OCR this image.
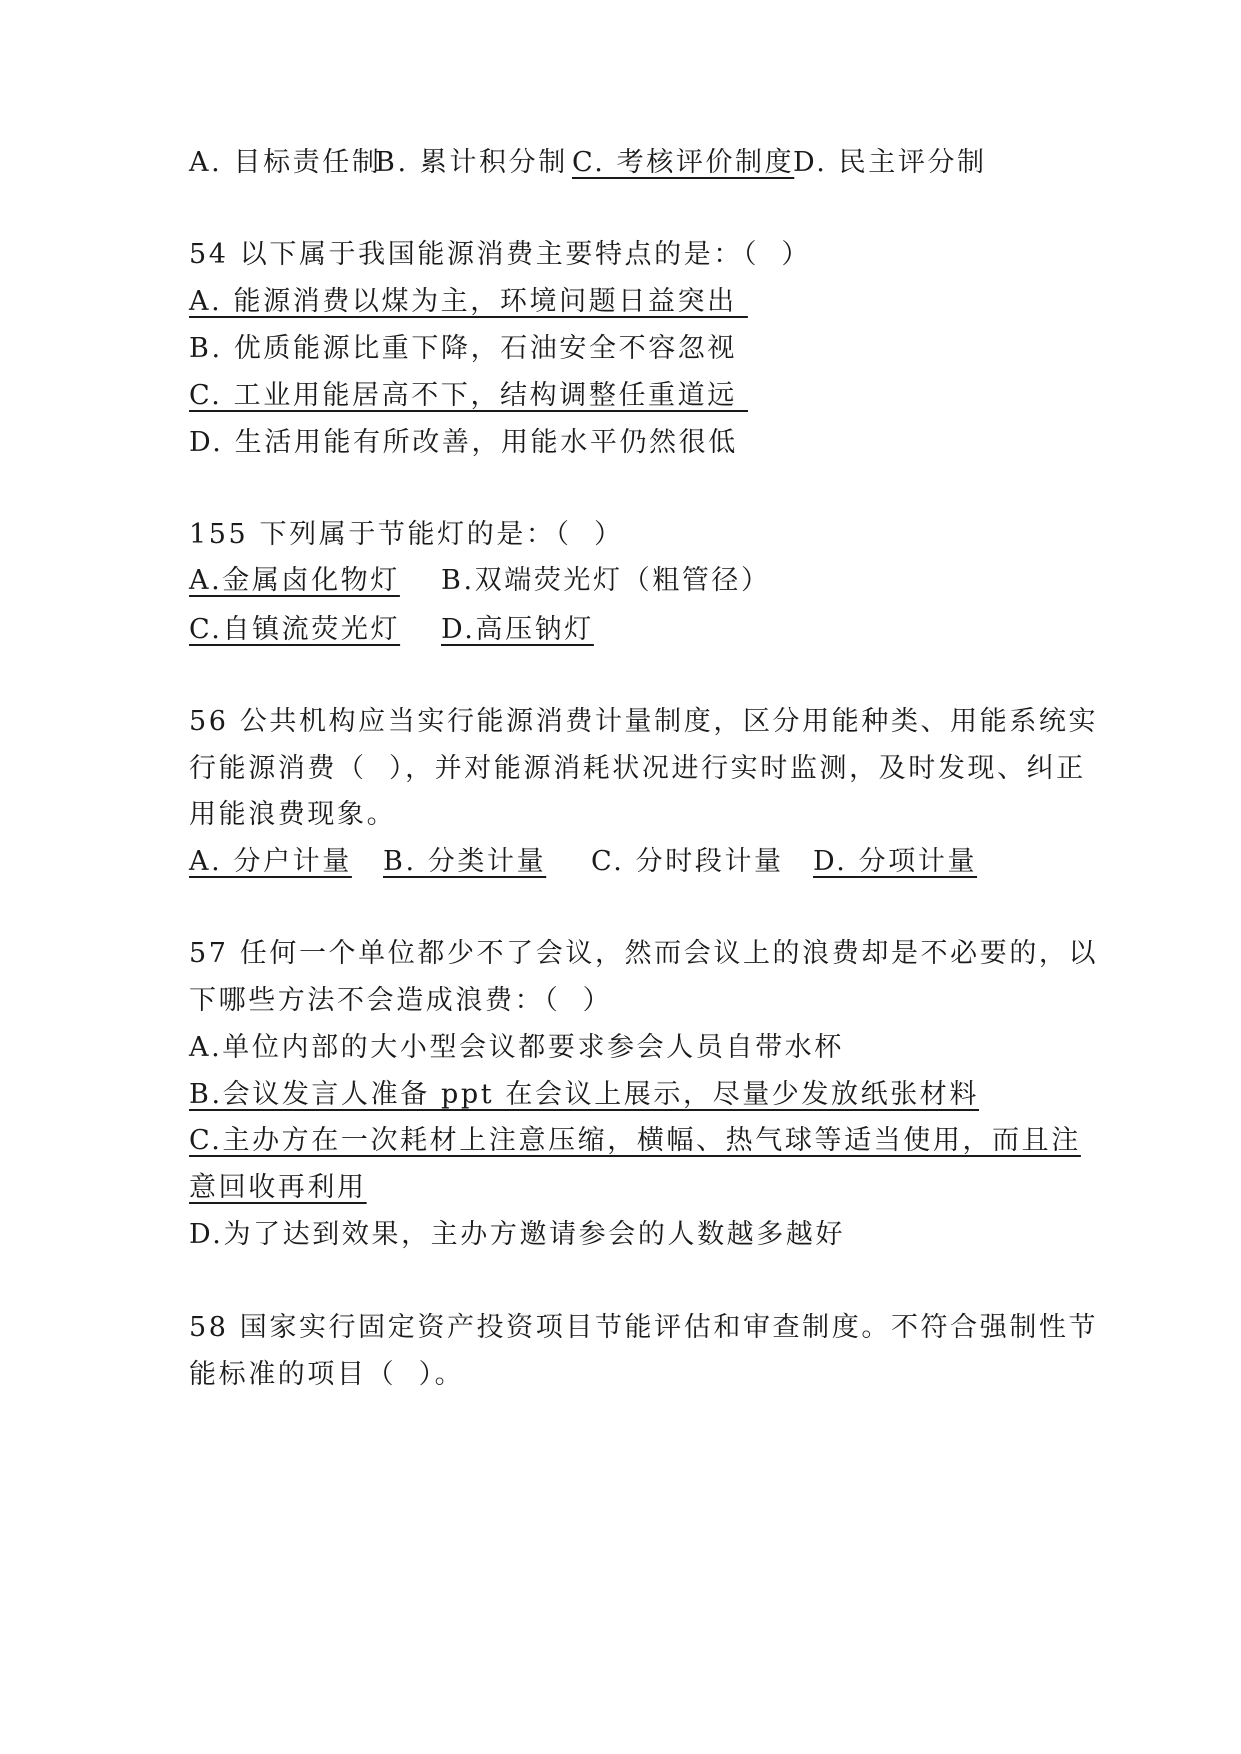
A. 目标责任制

B. 累计积分制

C. 考核评价制度

D. 民主评分制

54 以下属于我国能源消费主要特点的是：（  ）
A. 能源消费以煤为主，环境问题日益突出
B. 优质能源比重下降，石油安全不容忽视
C. 工业用能居高不下，结构调整任重道远
D. 生活用能有所改善，用能水平仍然很低
155 下列属于节能灯的是：（  ）

A.金属卤化物灯

B.双端荧光灯（粗管径）

C.自镇流荧光灯

	D.高压钠灯

56 公共机构应当实行能源消费计量制度，区分用能种类、用能系统实
行能源消费（  ），并对能源消耗状况进行实时监测，及时发现、纠正
用能浪费现象。

A. 分户计量

	B. 分类计量

	C. 分时段计量

D. 分项计量

57 任何一个单位都少不了会议，然而会议上的浪费却是不必要的，以
下哪些方法不会造成浪费：（  ）
A.单位内部的大小型会议都要求参会人员自带水杯
B.会议发言人准备 ppt 在会议上展示，尽量少发放纸张材料
C.主办方在一次耗材上注意压缩，横幅、热气球等适当使用，而且注
意回收再利用
D.为了达到效果，主办方邀请参会的人数越多越好
58 国家实行固定资产投资项目节能评估和审查制度。不符合强制性节
能标准的项目（  ）。
